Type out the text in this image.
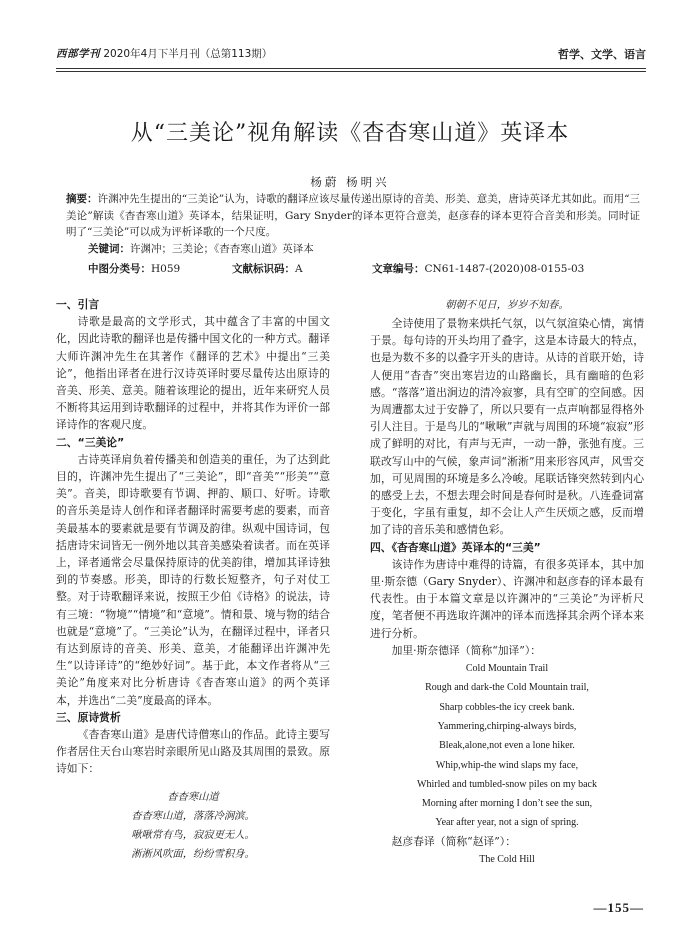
西部学刊 2020年4月下半月刊（总第113期）	哲学、文学、语言
从“三美论”视角解读《杳杳寒山道》英译本
杨蔚 杨明兴
摘要：许渊冲先生提出的“三美论”认为，诗歌的翻译应该尽量传递出原诗的音美、形美、意美，唐诗英译尤其如此。而用“三美论”解读《杳杳寒山道》英译本，结果证明，Gary Snyder的译本更符合意美，赵彦春的译本更符合音美和形美。同时证明了“三美论”可以成为评析译歌的一个尺度。
关键词：许渊冲；三美论；《杳杳寒山道》英译本
中图分类号：H059	文献标识码：A	文章编号：CN61-1487-(2020)08-0155-03
一、引言

诗歌是最高的文学形式，其中蕴含了丰富的中国文化，因此诗歌的翻译也是传播中国文化的一种方式。翻译大师许渊冲先生在其著作《翻译的艺术》中提出“三美论”，他指出译者在进行汉诗英译时要尽量传达出原诗的音美、形美、意美。随着该理论的提出，近年来研究人员不断将其运用到诗歌翻译的过程中，并将其作为评价一部译诗作的客观尺度。

二、“三美论”

古诗英译肩负着传播美和创造美的重任，为了达到此目的，许渊冲先生提出了“三美论”，即“音美”“形美”“意美”。音美，即诗歌要有节调、押韵、顺口、好听。诗歌的音乐美是诗人创作和译者翻译时需要考虑的要素，而音美最基本的要素就是要有节调及韵律。纵观中国诗词，包括唐诗宋词皆无一例外地以其音美感染着读者。而在英译上，译者通常会尽量保持原诗的优美韵律，增加其译诗独到的节奏感。形美，即诗的行数长短整齐，句子对仗工整。对于诗歌翻译来说，按照王少伯《诗格》的说法，诗有三境：“物境”“情境”和“意境”。情和景、境与物的结合也就是“意境”了。“三美论”认为，在翻译过程中，译者只有达到原诗的音美、形美、意美，才能翻译出许渊冲先生“以诗译诗”的“绝妙好词”。基于此，本文作者将从“三美论”角度来对比分析唐诗《杳杳寒山道》的两个英译本，并选出“二美”度最高的译本。

三、原诗赏析

《杳杳寒山道》是唐代诗僧寒山的作品。此诗主要写作者居住天台山寒岩时亲眼所见山路及其周围的景致。原诗如下：

杳杳寒山道
杳杳寒山道，落落冷涧滨。
啾啾常有鸟，寂寂更无人。
淅淅风吹面，纷纷雪积身。
朝朝不见日，岁岁不知春。

全诗使用了景物来烘托气氛，以气氛渲染心情，寓情于景。每句诗的开头均用了叠字，这是本诗最大的特点，也是为数不多的以叠字开头的唐诗。从诗的首联开始，诗人便用“杳杳”突出寒岩边的山路幽长，具有幽暗的色彩感。“落落”道出涧边的清冷寂寥，具有空旷的空间感。因为周遭都太过于安静了，所以只要有一点声响都显得格外引人注目。于是鸟儿的“啾啾”声就与周围的环境“寂寂”形成了鲜明的对比，有声与无声，一动一静，张弛有度。三联改写山中的气候，象声词“淅淅”用来形容风声，风雪交加，可见周围的环境是多么冷峻。尾联话锋突然转到内心的感受上去，不想去理会时间是春何时是秋。八连叠词富于变化，字虽有重复，却不会让人产生厌烦之感，反而增加了诗的音乐美和感情色彩。

四、《杳杳寒山道》英译本的“三美”

该诗作为唐诗中难得的诗篇，有很多英译本，其中加里·斯奈德（Gary Snyder）、许渊冲和赵彦春的译本最有代表性。由于本篇文章是以许渊冲的“三美论”为评析尺度，笔者便不再选取许渊冲的译本而选择其余两个译本来进行分析。

加里·斯奈德译（简称“加译”）：
Cold Mountain Trail
Rough and dark-the Cold Mountain trail,
Sharp cobbles-the icy creek bank.
Yammering,chirping-always birds,
Bleak,alone,not even a lone hiker.
Whip,whip-the wind slaps my face,
Whirled and tumbled-snow piles on my back
Morning after morning I don’t see the sun,
Year after year, not a sign of spring.
赵彦春译（简称“赵译”）：
The Cold Hill
—155—
